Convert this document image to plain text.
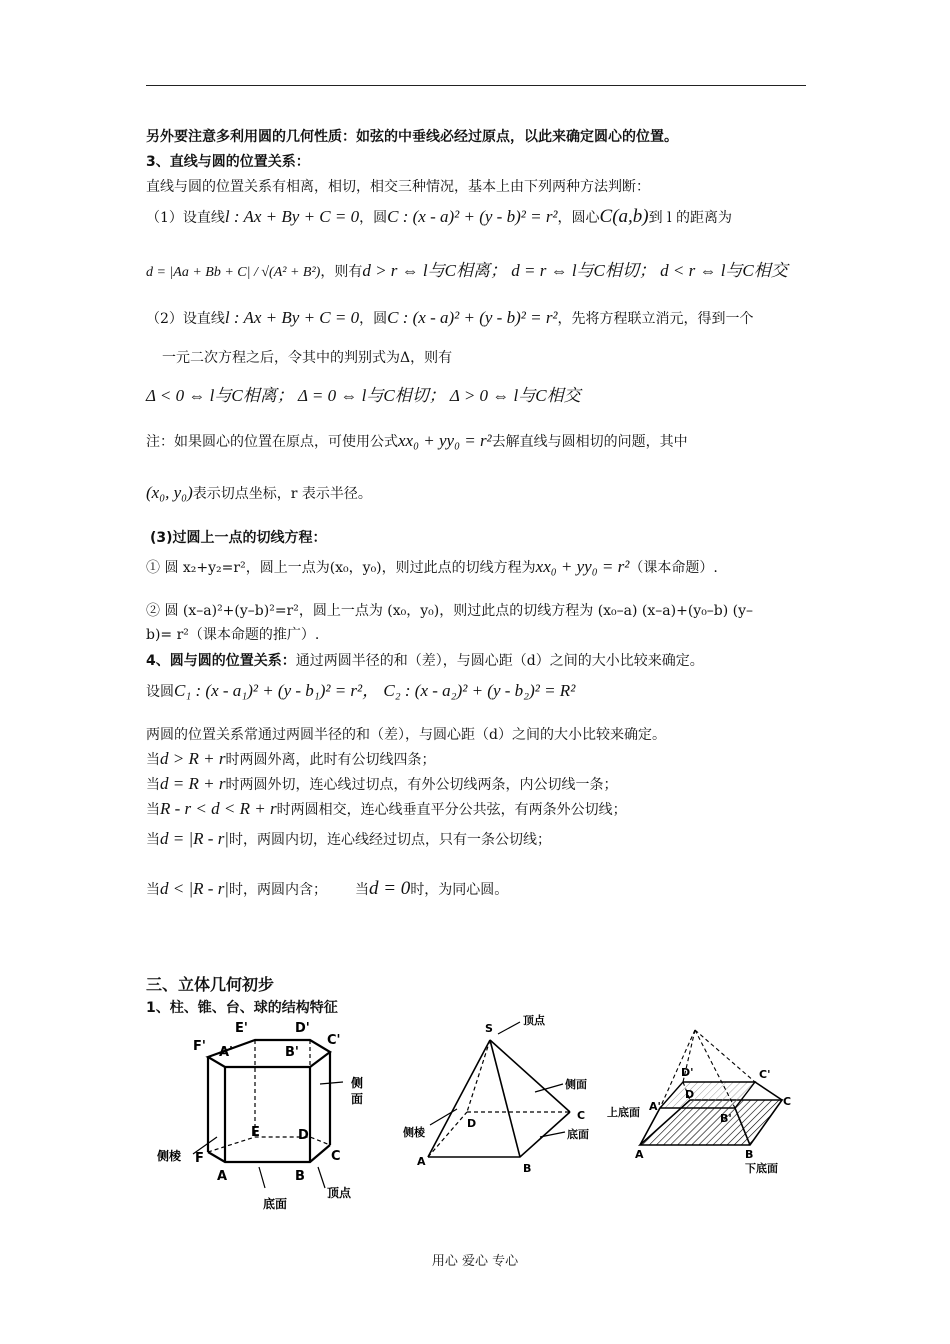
另外要注意多利用圆的几何性质：如弦的中垂线必经过原点，以此来确定圆心的位置。
3、直线与圆的位置关系：
直线与圆的位置关系有相离，相切，相交三种情况，基本上由下列两种方法判断：
（1）设直线l : Ax + By + C = 0，圆C : (x - a)² + (y - b)² = r²，圆心C(a,b)到 l 的距离为
d = |Aa + Bb + C| / √(A² + B²)，则有d > r ⇔ l与C相离； d = r ⇔ l与C相切； d < r ⇔ l与C相交
（2）设直线l : Ax + By + C = 0，圆C : (x - a)² + (y - b)² = r²，先将方程联立消元，得到一个
一元二次方程之后，令其中的判别式为Δ，则有
Δ < 0 ⇔ l与C相离； Δ = 0 ⇔ l与C相切； Δ > 0 ⇔ l与C相交
注：如果圆心的位置在原点，可使用公式xx₀ + yy₀ = r²去解直线与圆相切的问题，其中
(x₀, y₀)表示切点坐标，r 表示半径。
(3)过圆上一点的切线方程：
① 圆 x₂+y₂=r²，圆上一点为(x₀，y₀)，则过此点的切线方程为xx₀ + yy₀ = r²（课本命题）.
② 圆 (x–a)²+(y–b)²=r²，圆上一点为 (x₀，y₀)，则过此点的切线方程为 (x₀–a) (x–a)+(y₀–b) (y–
b)= r²（课本命题的推广）.
4、圆与圆的位置关系：通过两圆半径的和（差），与圆心距（d）之间的大小比较来确定。
设圆C₁ : (x - a₁)² + (y - b₁)² = r²， C₂ : (x - a₂)² + (y - b₂)² = R²
两圆的位置关系常通过两圆半径的和（差），与圆心距（d）之间的大小比较来确定。
当d > R + r时两圆外离，此时有公切线四条；
当d = R + r时两圆外切，连心线过切点，有外公切线两条，内公切线一条；
当R - r < d < R + r时两圆相交，连心线垂直平分公共弦，有两条外公切线；
当d = |R - r|时，两圆内切，连心线经过切点，只有一条公切线；
当d < |R - r|时，两圆内含； 当d = 0时，为同心圆。
三、立体几何初步
1、柱、锥、台、球的结构特征
E'	D'
F' A'	B'
C'
E	D
F
A	B
C
侧
面
侧棱
底面
顶点
S
D
C
A
B
顶点
侧面
底面
侧棱
D'	C'
A'
D
B'
C
A	B
上底面
下底面
用心 爱心 专心
